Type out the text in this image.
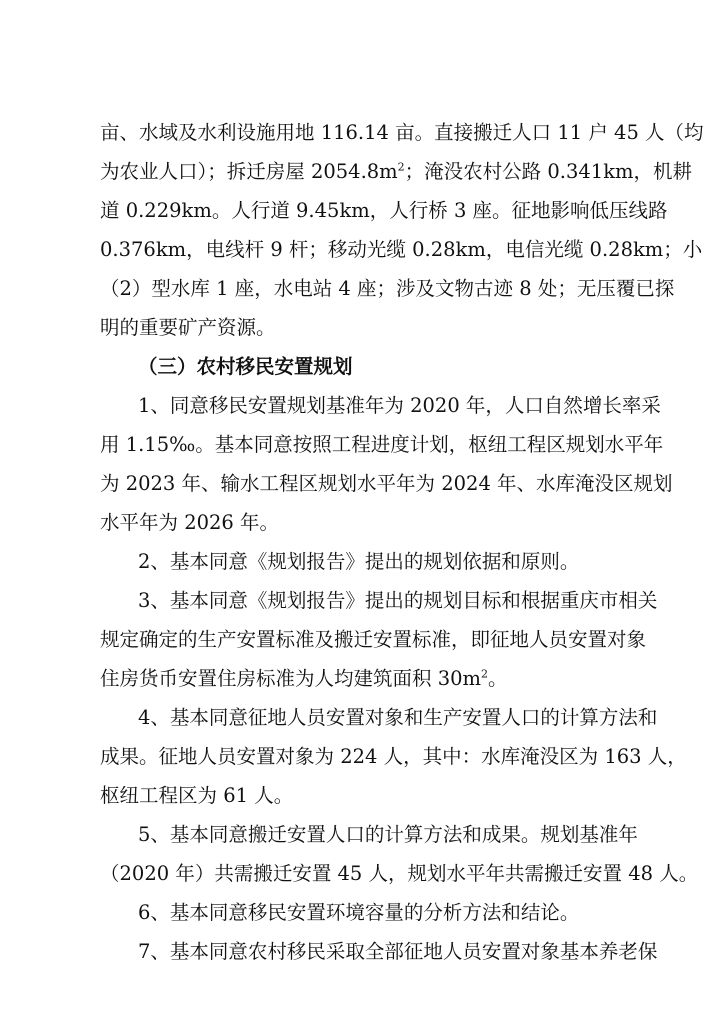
亩、水域及水利设施用地 116.14 亩。直接搬迁人口 11 户 45 人（均
为农业人口）；拆迁房屋 $2054.8m^2$；淹没农村公路 0.341km，机耕
道 0.229km。人行道 9.45km，人行桥 3 座。征地影响低压线路
0.376km，电线杆 9 杆；移动光缆 0.28km，电信光缆 0.28km；小
（2）型水库 1 座，水电站 4 座；涉及文物古迹 8 处；无压覆已探
明的重要矿产资源。
（三）农村移民安置规划
1、同意移民安置规划基准年为 2020 年，人口自然增长率采
用 1.15‰。基本同意按照工程进度计划，枢纽工程区规划水平年
为 2023 年、输水工程区规划水平年为 2024 年、水库淹没区规划
水平年为 2026 年。
2、基本同意《规划报告》提出的规划依据和原则。
3、基本同意《规划报告》提出的规划目标和根据重庆市相关
规定确定的生产安置标准及搬迁安置标准，即征地人员安置对象
住房货币安置住房标准为人均建筑面积 $30m^2$。
4、基本同意征地人员安置对象和生产安置人口的计算方法和
成果。征地人员安置对象为 224 人，其中：水库淹没区为 163 人，
枢纽工程区为 61 人。
5、基本同意搬迁安置人口的计算方法和成果。规划基准年
（2020 年）共需搬迁安置 45 人，规划水平年共需搬迁安置 48 人。
6、基本同意移民安置环境容量的分析方法和结论。
7、基本同意农村移民采取全部征地人员安置对象基本养老保
